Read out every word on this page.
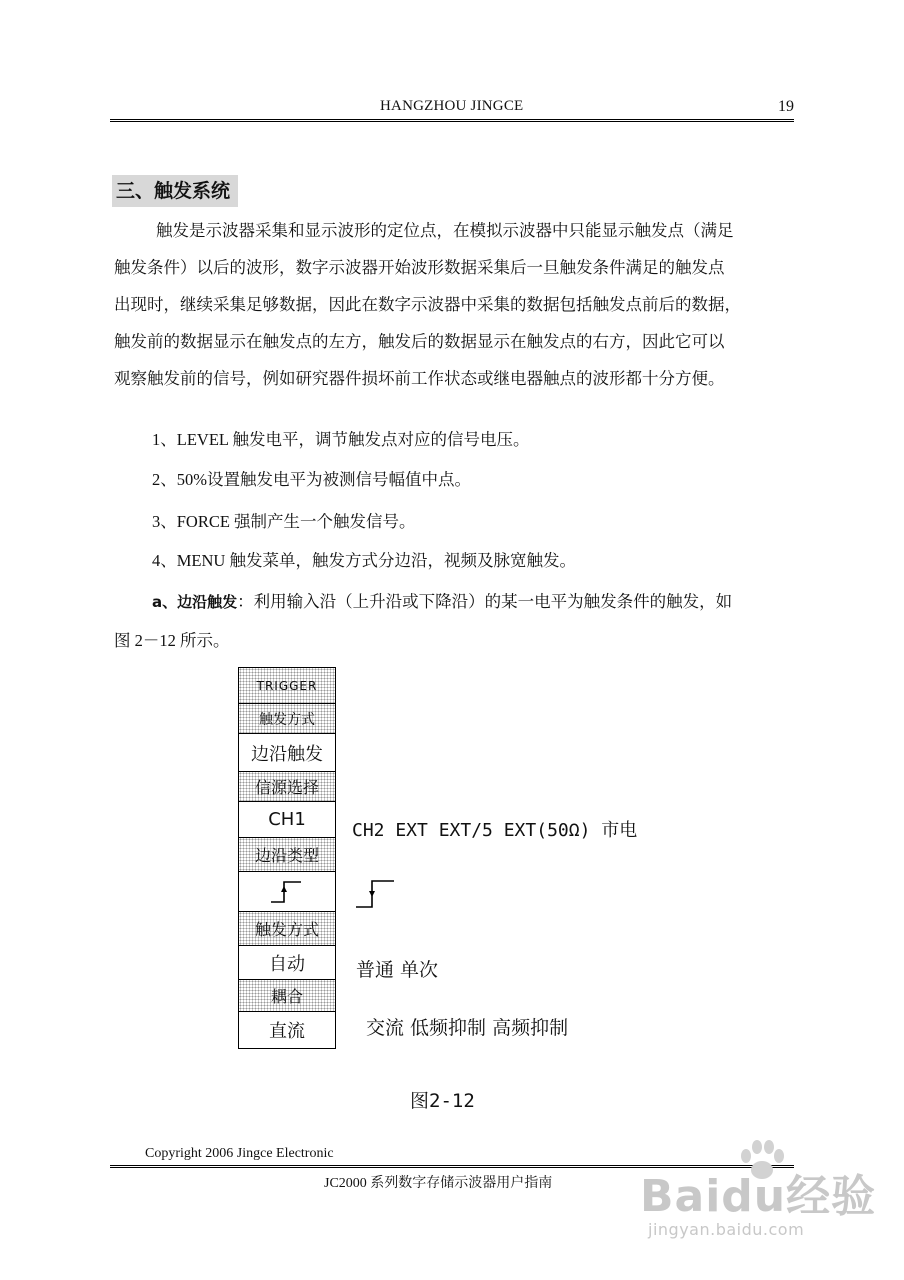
HANGZHOU JINGCE	19
三、触发系统
触发是示波器采集和显示波形的定位点，在模拟示波器中只能显示触发点（满足
触发条件）以后的波形，数字示波器开始波形数据采集后一旦触发条件满足的触发点
出现时，继续采集足够数据，因此在数字示波器中采集的数据包括触发点前后的数据，
触发前的数据显示在触发点的左方，触发后的数据显示在触发点的右方，因此它可以
观察触发前的信号，例如研究器件损坏前工作状态或继电器触点的波形都十分方便。
1、LEVEL 触发电平，调节触发点对应的信号电压。
2、50%设置触发电平为被测信号幅值中点。
3、FORCE 强制产生一个触发信号。
4、MENU 触发菜单，触发方式分边沿，视频及脉宽触发。
a、边沿触发：利用输入沿（上升沿或下降沿）的某一电平为触发条件的触发，如
图 2－12 所示。
TRIGGER
触发方式
边沿触发
信源选择
CH1
边沿类型
触发方式
自动
耦合
直流
CH2 EXT EXT/5 EXT(50Ω) 市电
普通 单次
交流 低频抑制 高频抑制
图2-12
Copyright 2006 Jingce Electronic
JC2000 系列数字存储示波器用户指南 Baidu经验
jingyan.baidu.com
